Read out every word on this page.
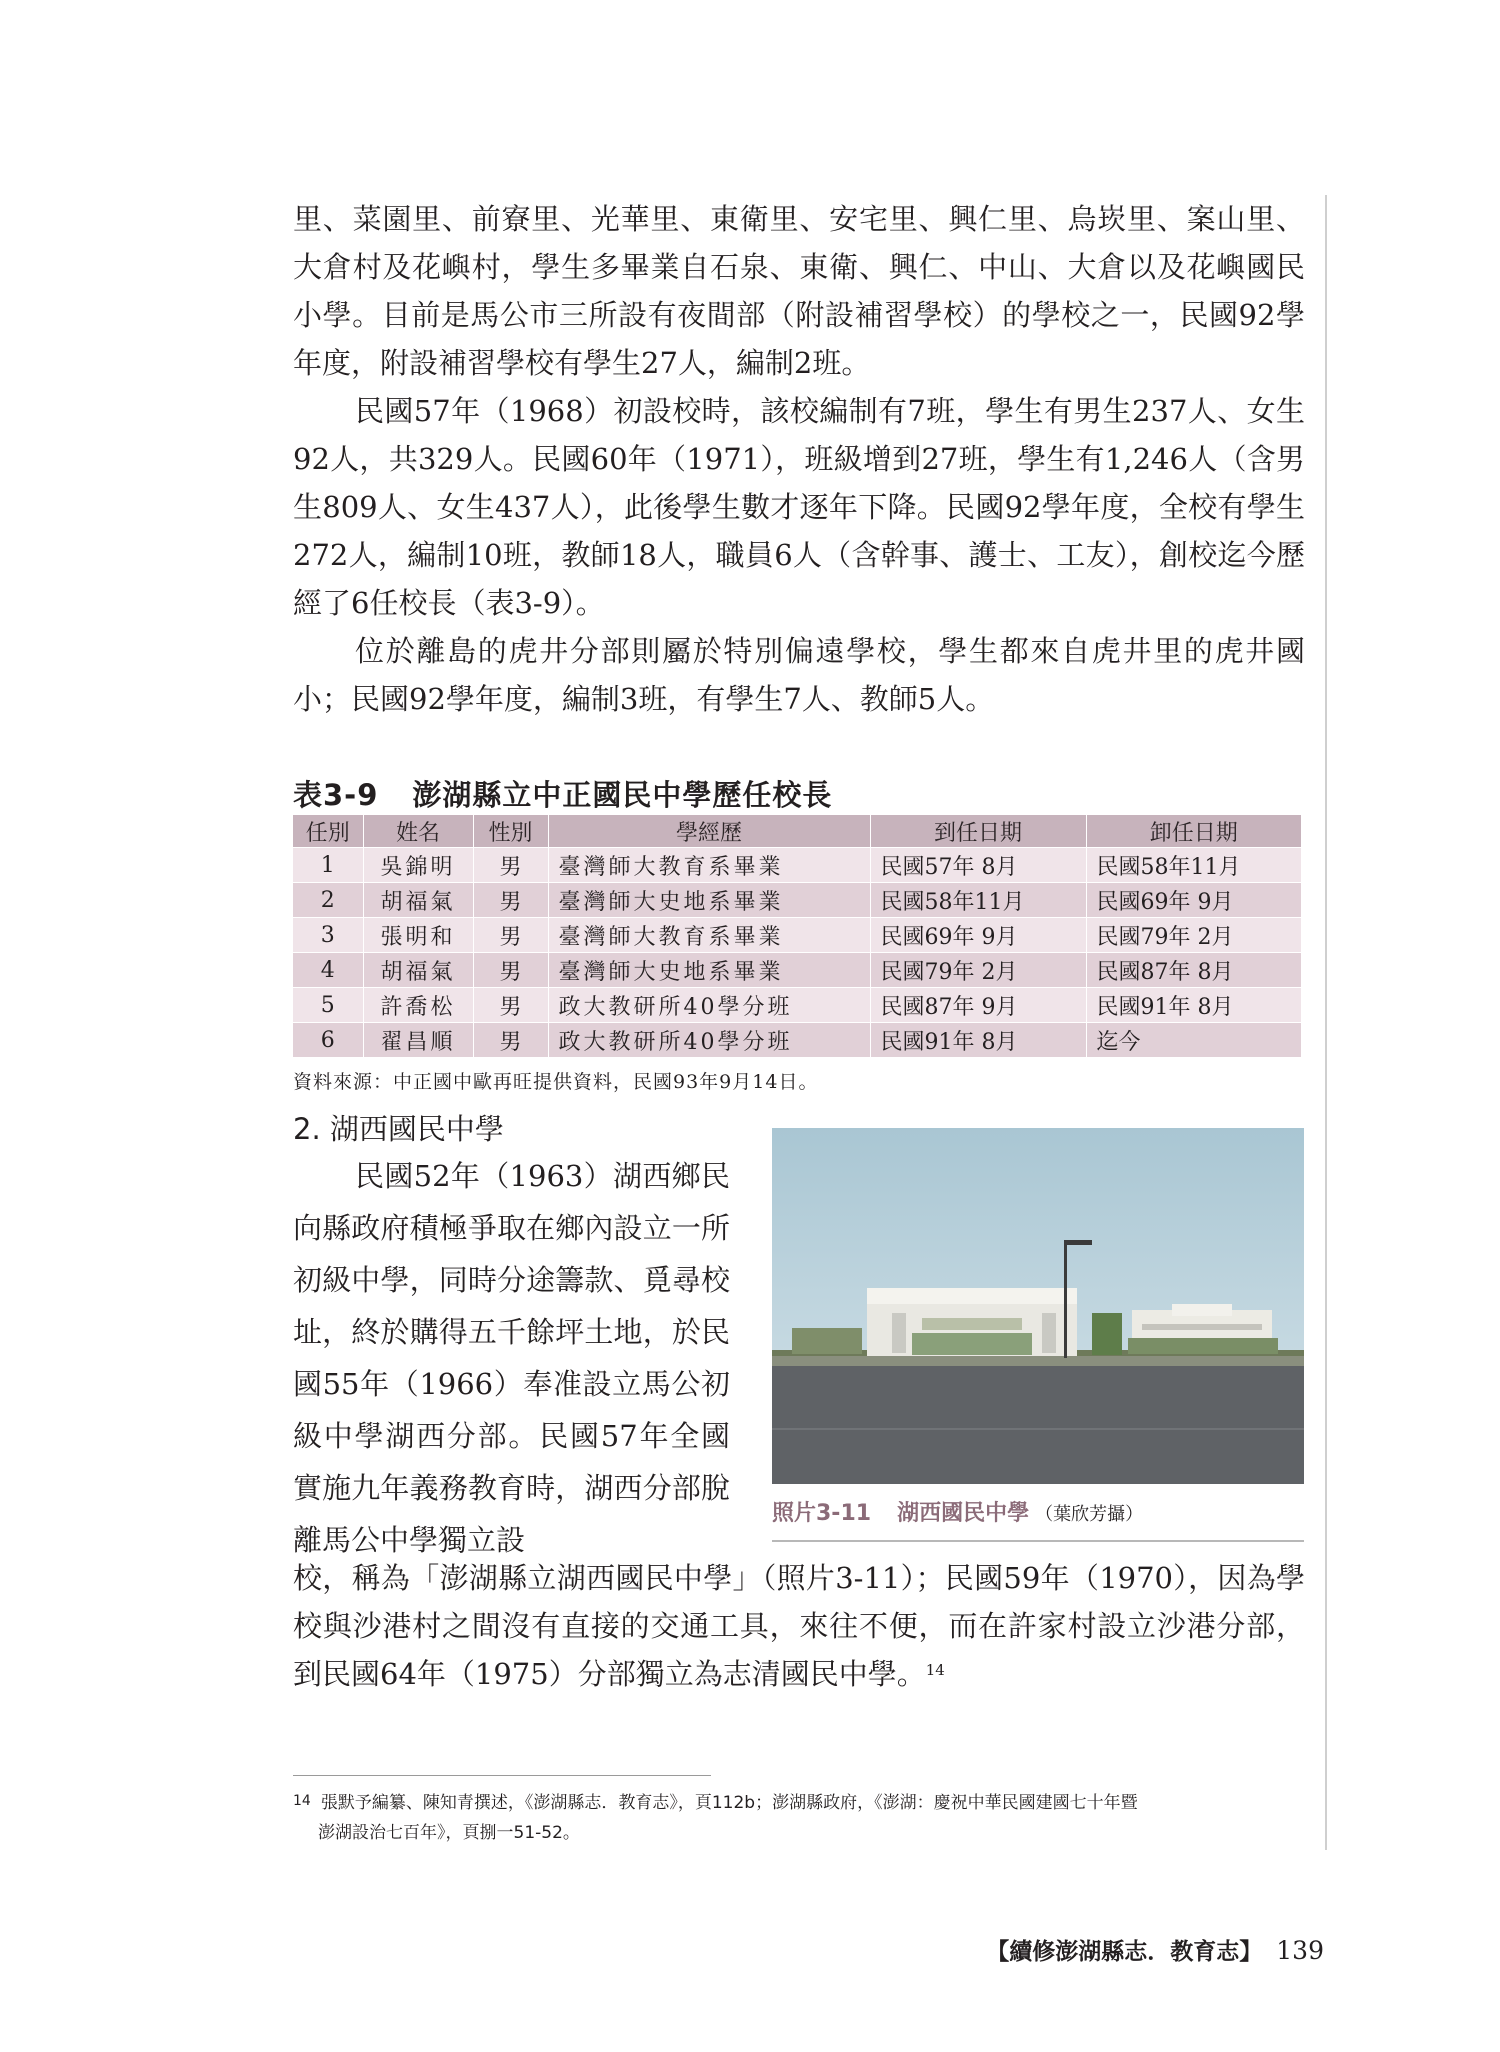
里、菜園里、前寮里、光華里、東衛里、安宅里、興仁里、烏崁里、案山里、大倉村及花嶼村，學生多畢業自石泉、東衛、興仁、中山、大倉以及花嶼國民小學。目前是馬公市三所設有夜間部（附設補習學校）的學校之一，民國92學年度，附設補習學校有學生27人，編制2班。

民國57年（1968）初設校時，該校編制有7班，學生有男生237人、女生92人，共329人。民國60年（1971），班級增到27班，學生有1,246人（含男生809人、女生437人），此後學生數才逐年下降。民國92學年度，全校有學生272人，編制10班，教師18人，職員6人（含幹事、護士、工友），創校迄今歷經了6任校長（表3-9）。

位於離島的虎井分部則屬於特別偏遠學校，學生都來自虎井里的虎井國小；民國92學年度，編制3班，有學生7人、教師5人。

表3-9 澎湖縣立中正國民中學歷任校長
任別	姓名	性別	學經歷	到任日期	卸任日期
1	吳錦明	男	臺灣師大教育系畢業	民國57年 8月	民國58年11月
2	胡福氣	男	臺灣師大史地系畢業	民國58年11月	民國69年 9月
3	張明和	男	臺灣師大教育系畢業	民國69年 9月	民國79年 2月
4	胡福氣	男	臺灣師大史地系畢業	民國79年 2月	民國87年 8月
5	許喬松	男	政大教研所40學分班	民國87年 9月	民國91年 8月
6	翟昌順	男	政大教研所40學分班	民國91年 8月	迄今
資料來源：中正國中歐再旺提供資料，民國93年9月14日。
2. 湖西國民中學

民國52年（1963）湖西鄉民向縣政府積極爭取在鄉內設立一所初級中學，同時分途籌款、覓尋校址，終於購得五千餘坪土地，於民國55年（1966）奉准設立馬公初級中學湖西分部。民國57年全國實施九年義務教育時，湖西分部脫離馬公中學獨立設

照片3-11 湖西國民中學 （葉欣芳攝）

校，稱為「澎湖縣立湖西國民中學」（照片3-11）；民國59年（1970），因為學校與沙港村之間沒有直接的交通工具，來往不便，而在許家村設立沙港分部，到民國64年（1975）分部獨立為志清國民中學。$^{14}$

$^{14}$ 張默予編纂、陳知青撰述，《澎湖縣志．教育志》，頁112b；澎湖縣政府，《澎湖：慶祝中華民國建國七十年暨
澎湖設治七百年》，頁捌一51-52。
【續修澎湖縣志．教育志】 139
